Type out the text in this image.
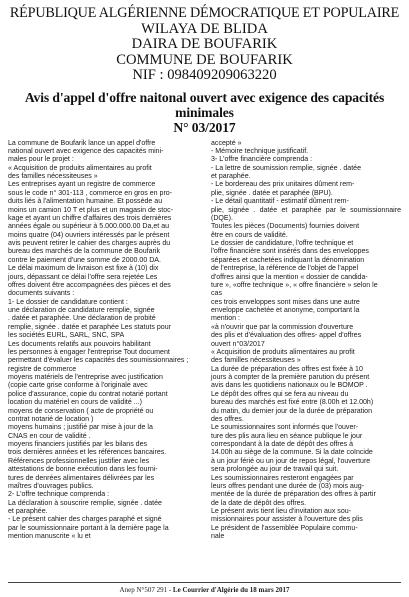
RÉPUBLIQUE ALGÉRIENNE DÉMOCRATIQUE ET POPULAIRE
WILAYA DE BLIDA
DAIRA DE BOUFARIK
COMMUNE DE BOUFARIK
NIF : 098409209063220
Avis d'appel d'offre naitonal ouvert avec exigence des capacités minimales
N° 03/2017

La commune de Boufarik lance un appel d'offre

national ouvert avec exigence des capacités mini-

males pour le projet :

« Acquisition de produits alimentaires au profit

des familles nécessiteuses »

Les entreprises ayant un registre de commerce

sous le code n° 301-113 , commerce en gros en pro-

duits liés à l'alimentation humaine. Et possède au

moins un camion 10 T et plus et un magasin de stoc-

kage et ayant un chiffre d'affaires des trois dernières

années égale ou supérieur à 5.000.000.00 Da,et au

moins quatre (04) ouvriers intéressés par le présent

avis peuvent retirer le cahier des charges auprès du

bureau des marchés de la commune de Boufarik

contre le paiement d'une somme de 2000.00 DA.

Le délai maximum de livraison est fixe à (10) dix

jours, dépassant ce délai l'offre sera rejetée Les

offres doivent être accompagnées des pièces et des

documents suivants :

1- Le dossier de candidature contient :

une déclaration de candidature remplie, signée

. datée et paraphée. Une déclaration de probité

remplie, signée . datée et paraphée Les statuts pour

les sociétés EURL, SARL, SNC, SPA

Les documents relatifs aux pouvoirs habilitant

les personnes à engager l'entreprise Tout document

permettant d'évaluer les capacités des soumissionnaires ;

registre de commerce

moyens matériels de l'entreprise avec justification

(copie carte grise conforme à l'originale avec

police d'assurance, copie du contrat notarié portant

location du matériel en cours de validité ...)

moyens de conservation ( acte de propriété ou

contrat notarié de location )

moyens humains ; justifié par mise à jour de la

CNAS en cour de validité .

moyens financiers justifiés par les bilans des

trois dernières années et les références bancaires.

Références professionnelles justifier avec les

attestations de bonne exécution dans les fourni-

tures de denrées alimentaires délivrées par les

maîtres d'ouvrages publics.

2- L'offre technique comprenda :

La déclaration à souscrire remplie, signée . datée

et paraphée.

- Le présent cahier des charges paraphé et signé

par le soumissionnaire portant à la dernière page la

mention manuscrite « lu et

accepté »

- Mémoire technique justificatif.

3- L'offre financière comprenda :

- La lettre de soumission remplie, signée . datée

et paraphée.

- Le bordereau des prix unitaires dûment rem-

plie, signée . datée et paraphée (BPU).

- Le détail quantitatif - estimatif dûment rem-

plie, signée . datée et paraphée par le soumissionnaire (DQE).

Toutes les pièces (Documents) fournies doivent

être en cours de validité.

Le dossier de candidature, l'offre technique et

l'offre financière sont insérés dans des enveloppes

séparées et cachetées indiquant la dénomination

de l'entreprise, la référence de l'objet de l'appel

d'offres ainsi que la mention « dossier de candida-

ture », «offre technique », « offre financière » selon le

cas

ces trois enveloppes sont mises dans une autre

enveloppe cachetée et anonyme, comportant la

mention :

«à n'ouvrir que par la commission d'ouverture

des plis et d'évaluation des offres- appel d'offres

ouvert n°03/2017

« Acquisition de produits alimentaires au profit

des familles nécessiteuses »

La durée de préparation des offres est fixée à 10

jours à compter de la première parution du présent

avis dans les quotidiens nationaux ou le BOMOP .

Le dépôt des offres qui se fera au niveau du

bureau des marchés est fixé entre (8.00h et 12.00h)

du matin, du dernier jour de la durée de préparation

des offres.

Le soumissionnaires sont informés que l'ouver-

ture des plis aura lieu en séance publique le jour

correspondant à la date de dépôt des offres à

14.00h au siège de la commune. Si la date coïncide

à un jour férié ou un jour de repos légal, l'ouverture

sera prolongée au jour de travail qui suit.

Les soumissionnaires resteront engagées par

leurs offres pendant une durée de (03) mois aug-

mentée de la durée de préparation des offres à partir

de la date de dépôt des offres.

Le présent avis tient lieu d'invitation aux sou-

missionnaires pour assister à l'ouverture des plis

Le président de l'assemblée Populaire commu-

nale

Anep N°507 291 - Le Courrier d'Algérie du 18 mars 2017
